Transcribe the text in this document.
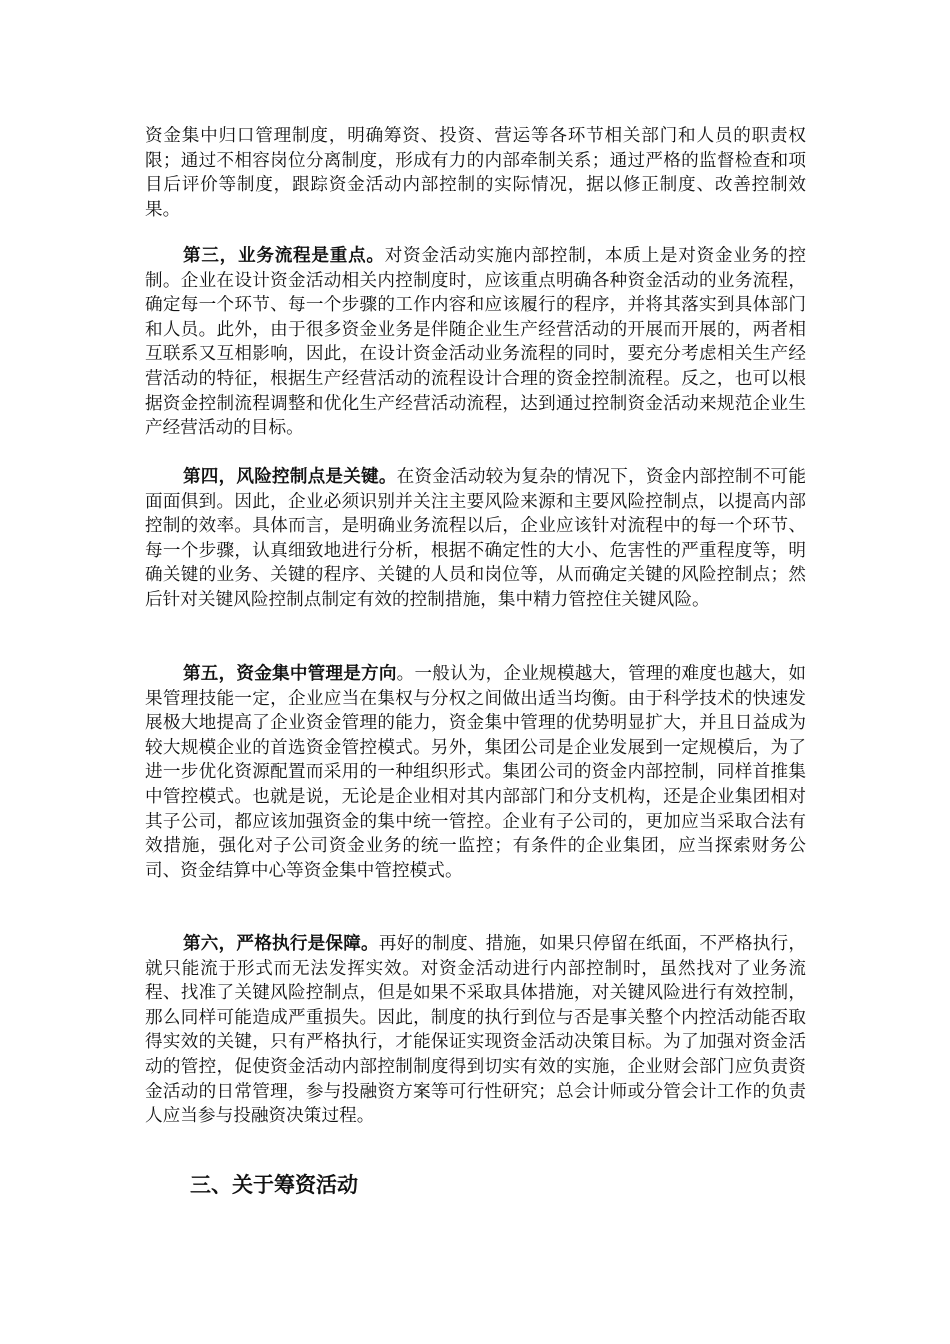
资金集中归口管理制度，明确筹资、投资、营运等各环节相关部门和人员的职责权限；通过不相容岗位分离制度，形成有力的内部牵制关系；通过严格的监督检查和项目后评价等制度，跟踪资金活动内部控制的实际情况，据以修正制度、改善控制效果。

第三，业务流程是重点。对资金活动实施内部控制，本质上是对资金业务的控制。企业在设计资金活动相关内控制度时，应该重点明确各种资金活动的业务流程，确定每一个环节、每一个步骤的工作内容和应该履行的程序，并将其落实到具体部门和人员。此外，由于很多资金业务是伴随企业生产经营活动的开展而开展的，两者相互联系又互相影响，因此，在设计资金活动业务流程的同时，要充分考虑相关生产经营活动的特征，根据生产经营活动的流程设计合理的资金控制流程。反之，也可以根据资金控制流程调整和优化生产经营活动流程，达到通过控制资金活动来规范企业生产经营活动的目标。

第四，风险控制点是关键。在资金活动较为复杂的情况下，资金内部控制不可能面面俱到。因此，企业必须识别并关注主要风险来源和主要风险控制点，以提高内部控制的效率。具体而言，是明确业务流程以后，企业应该针对流程中的每一个环节、每一个步骤，认真细致地进行分析，根据不确定性的大小、危害性的严重程度等，明确关键的业务、关键的程序、关键的人员和岗位等，从而确定关键的风险控制点；然后针对关键风险控制点制定有效的控制措施，集中精力管控住关键风险。

第五，资金集中管理是方向。一般认为，企业规模越大，管理的难度也越大，如果管理技能一定，企业应当在集权与分权之间做出适当均衡。由于科学技术的快速发展极大地提高了企业资金管理的能力，资金集中管理的优势明显扩大，并且日益成为较大规模企业的首选资金管控模式。另外，集团公司是企业发展到一定规模后，为了进一步优化资源配置而采用的一种组织形式。集团公司的资金内部控制，同样首推集中管控模式。也就是说，无论是企业相对其内部部门和分支机构，还是企业集团相对其子公司，都应该加强资金的集中统一管控。企业有子公司的，更加应当采取合法有效措施，强化对子公司资金业务的统一监控；有条件的企业集团，应当探索财务公司、资金结算中心等资金集中管控模式。

第六，严格执行是保障。再好的制度、措施，如果只停留在纸面，不严格执行，就只能流于形式而无法发挥实效。对资金活动进行内部控制时，虽然找对了业务流程、找准了关键风险控制点，但是如果不采取具体措施，对关键风险进行有效控制，那么同样可能造成严重损失。因此，制度的执行到位与否是事关整个内控活动能否取得实效的关键，只有严格执行，才能保证实现资金活动决策目标。为了加强对资金活动的管控，促使资金活动内部控制制度得到切实有效的实施，企业财会部门应负责资金活动的日常管理，参与投融资方案等可行性研究；总会计师或分管会计工作的负责人应当参与投融资决策过程。

三、关于筹资活动
